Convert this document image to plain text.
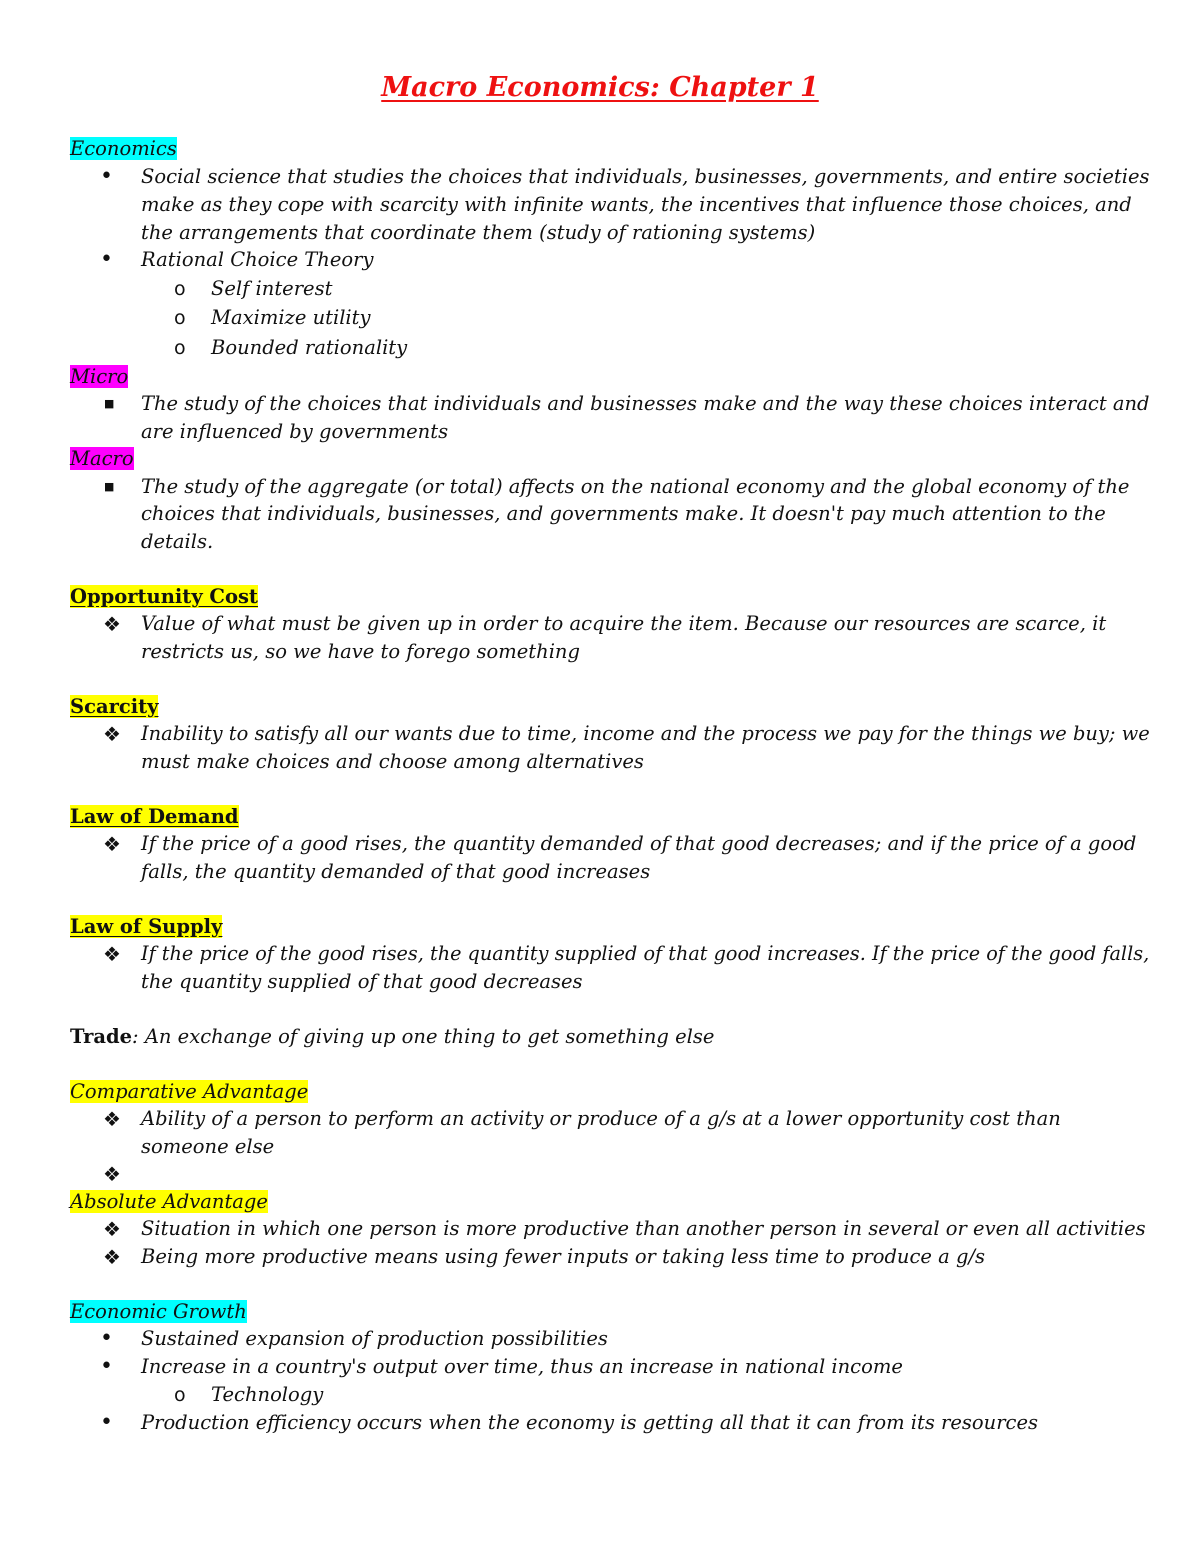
Macro Economics: Chapter 1
Economics
• Social science that studies the choices that individuals, businesses, governments, and entire societies
make as they cope with scarcity with infinite wants, the incentives that influence those choices, and
the arrangements that coordinate them (study of rationing systems)
• Rational Choice Theory
o Self interest
o Maximize utility
o Bounded rationality
Micro
■ The study of the choices that individuals and businesses make and the way these choices interact and
are influenced by governments
Macro
■ The study of the aggregate (or total) affects on the national economy and the global economy of the
choices that individuals, businesses, and governments make. It doesn't pay much attention to the
details.
Opportunity Cost
❖ Value of what must be given up in order to acquire the item. Because our resources are scarce, it
restricts us, so we have to forego something
Scarcity
❖ Inability to satisfy all our wants due to time, income and the process we pay for the things we buy; we
must make choices and choose among alternatives
Law of Demand
❖ If the price of a good rises, the quantity demanded of that good decreases; and if the price of a good
falls, the quantity demanded of that good increases
Law of Supply
❖ If the price of the good rises, the quantity supplied of that good increases. If the price of the good falls,
the quantity supplied of that good decreases
Trade: An exchange of giving up one thing to get something else
Comparative Advantage
❖ Ability of a person to perform an activity or produce of a g/s at a lower opportunity cost than
someone else
❖
Absolute Advantage
❖ Situation in which one person is more productive than another person in several or even all activities
❖ Being more productive means using fewer inputs or taking less time to produce a g/s
Economic Growth
• Sustained expansion of production possibilities
• Increase in a country's output over time, thus an increase in national income
o Technology
• Production efficiency occurs when the economy is getting all that it can from its resources
